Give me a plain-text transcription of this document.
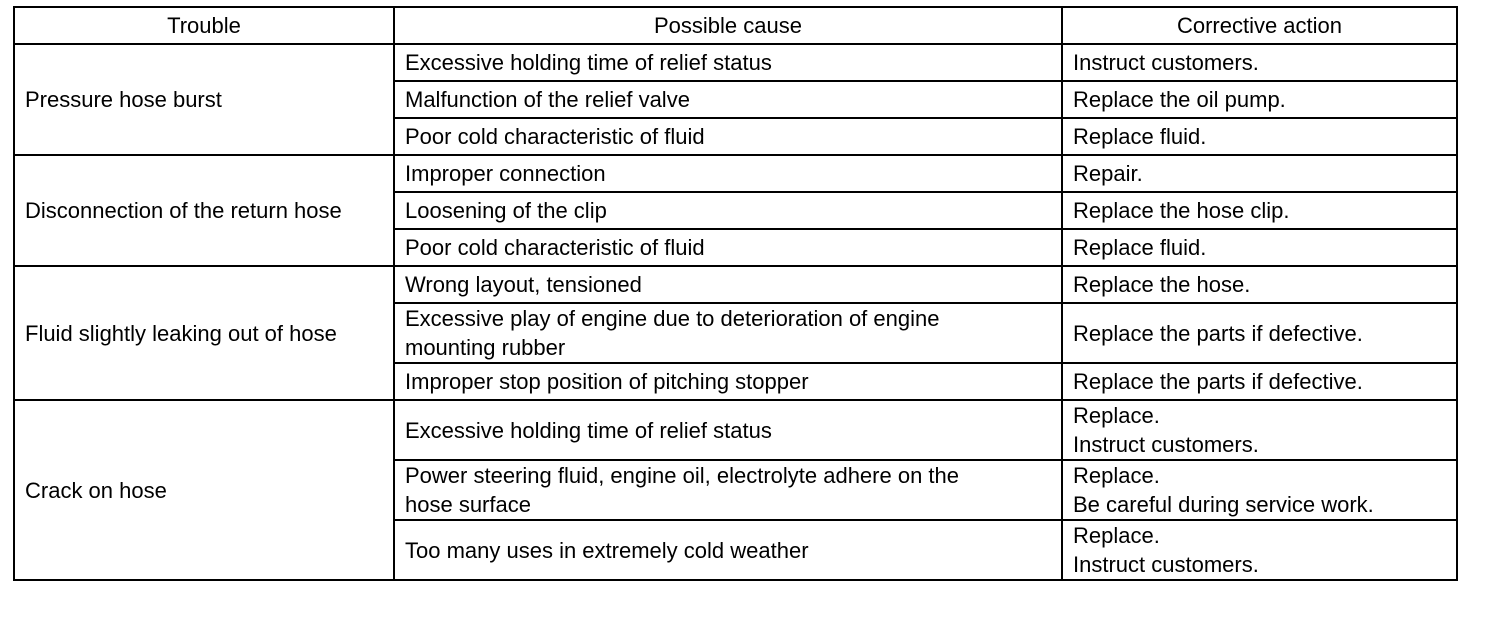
Trouble	Possible cause	Corrective action
Pressure hose burst	Excessive holding time of relief status	Instruct customers.

	Malfunction of the relief valve	Replace the oil pump.

	Poor cold characteristic of fluid	Replace fluid.

Disconnection of the return hose	Improper connection	Repair.

	Loosening of the clip	Replace the hose clip.

	Poor cold characteristic of fluid	Replace fluid.

Fluid slightly leaking out of hose	Wrong layout, tensioned	Replace the hose.

	Excessive play of engine due to deterioration of engine
mounting rubber	Replace the parts if defective.

	Improper stop position of pitching stopper	Replace the parts if defective.

Crack on hose	Excessive holding time of relief status	Replace.
Instruct customers.

	Power steering fluid, engine oil, electrolyte adhere on the
hose surface	Replace.
Be careful during service work.

	Too many uses in extremely cold weather	Replace.
Instruct customers.
